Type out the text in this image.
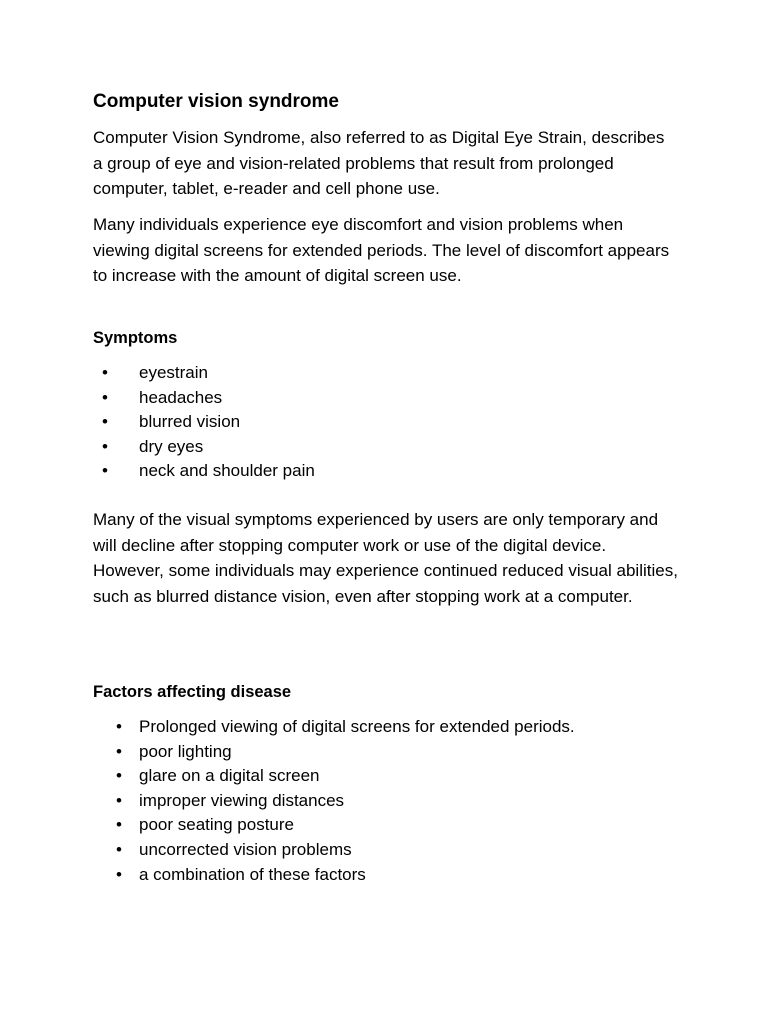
Computer vision syndrome

Computer Vision Syndrome, also referred to as Digital Eye Strain, describes a group of eye and vision-related problems that result from prolonged computer, tablet, e-reader and cell phone use.

Many individuals experience eye discomfort and vision problems when viewing digital screens for extended periods. The level of discomfort appears to increase with the amount of digital screen use.

Symptoms
• eyestrain
• headaches
• blurred vision
• dry eyes
• neck and shoulder pain

Many of the visual symptoms experienced by users are only temporary and will decline after stopping computer work or use of the digital device. However, some individuals may experience continued reduced visual abilities, such as blurred distance vision, even after stopping work at a computer.

Factors affecting disease
• Prolonged viewing of digital screens for extended periods.
• poor lighting
• glare on a digital screen
• improper viewing distances
• poor seating posture
• uncorrected vision problems
• a combination of these factors
